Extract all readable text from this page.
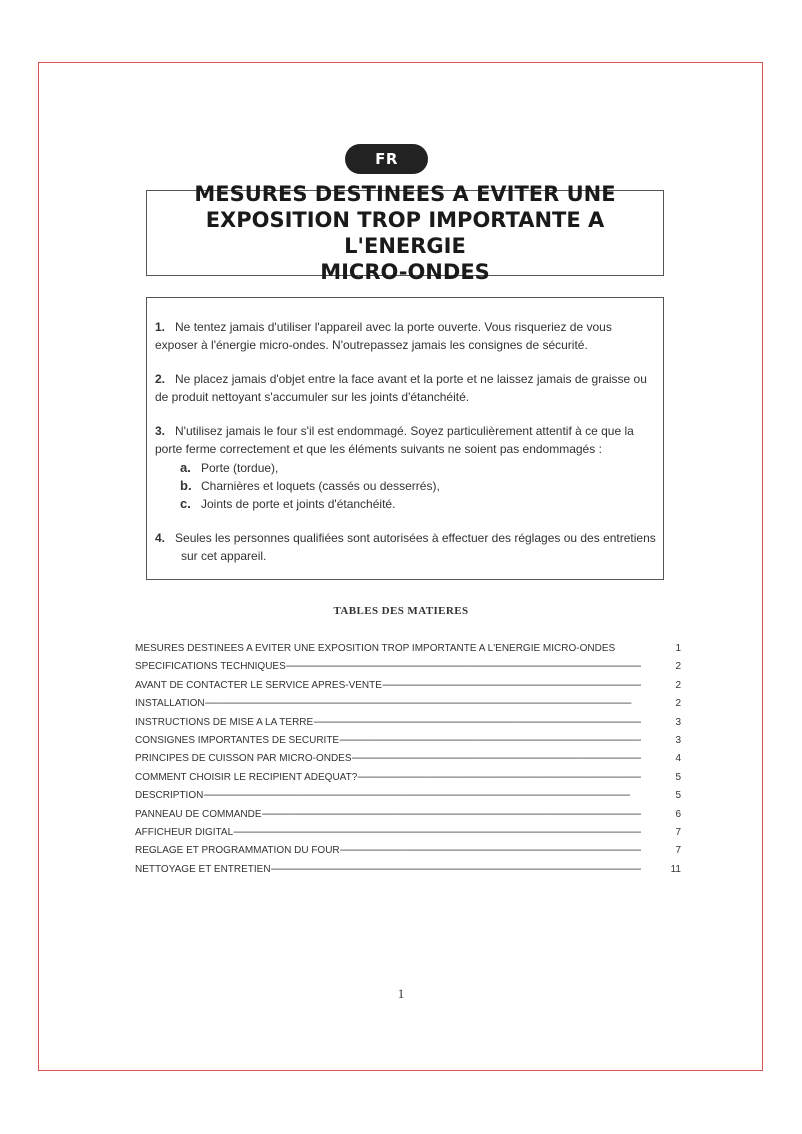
FR
MESURES DESTINEES A EVITER UNE
EXPOSITION TROP IMPORTANTE A L'ENERGIE
MICRO-ONDES

1. Ne tentez jamais d'utiliser l'appareil avec la porte ouverte. Vous risqueriez de vous exposer à l'énergie micro-ondes. N'outrepassez jamais les consignes de sécurité.

2. Ne placez jamais d'objet entre la face avant et la porte et ne laissez jamais de graisse ou de produit nettoyant s'accumuler sur les joints d'étanchéité.

3. N'utilisez jamais le four s'il est endommagé. Soyez particulièrement attentif à ce que la porte ferme correctement et que les éléments suivants ne soient pas endommagés :
a. Porte (tordue),
b. Charnières et loquets (cassés ou desserrés),
c. Joints de porte et joints d'étanchéité.

4. Seules les personnes qualifiées sont autorisées à effectuer des réglages ou des entretiens sur cet appareil.

TABLES DES MATIERES
MESURES DESTINEES A EVITER UNE EXPOSITION TROP IMPORTANTE A L'ENERGIE MICRO-ONDES	1
SPECIFICATIONS TECHNIQUES -----	2
AVANT DE CONTACTER LE SERVICE APRES-VENTE -----	2
INSTALLATION -----	2
INSTRUCTIONS DE MISE A LA TERRE -----	3
CONSIGNES IMPORTANTES DE SECURITE -----	3
PRINCIPES DE CUISSON PAR MICRO-ONDES -----	4
COMMENT CHOISIR LE RECIPIENT ADEQUAT? -----	5
DESCRIPTION -----	5
PANNEAU DE COMMANDE -----	6
AFFICHEUR DIGITAL -----	7
REGLAGE ET PROGRAMMATION DU FOUR -----	7
NETTOYAGE ET ENTRETIEN -----	11
1
